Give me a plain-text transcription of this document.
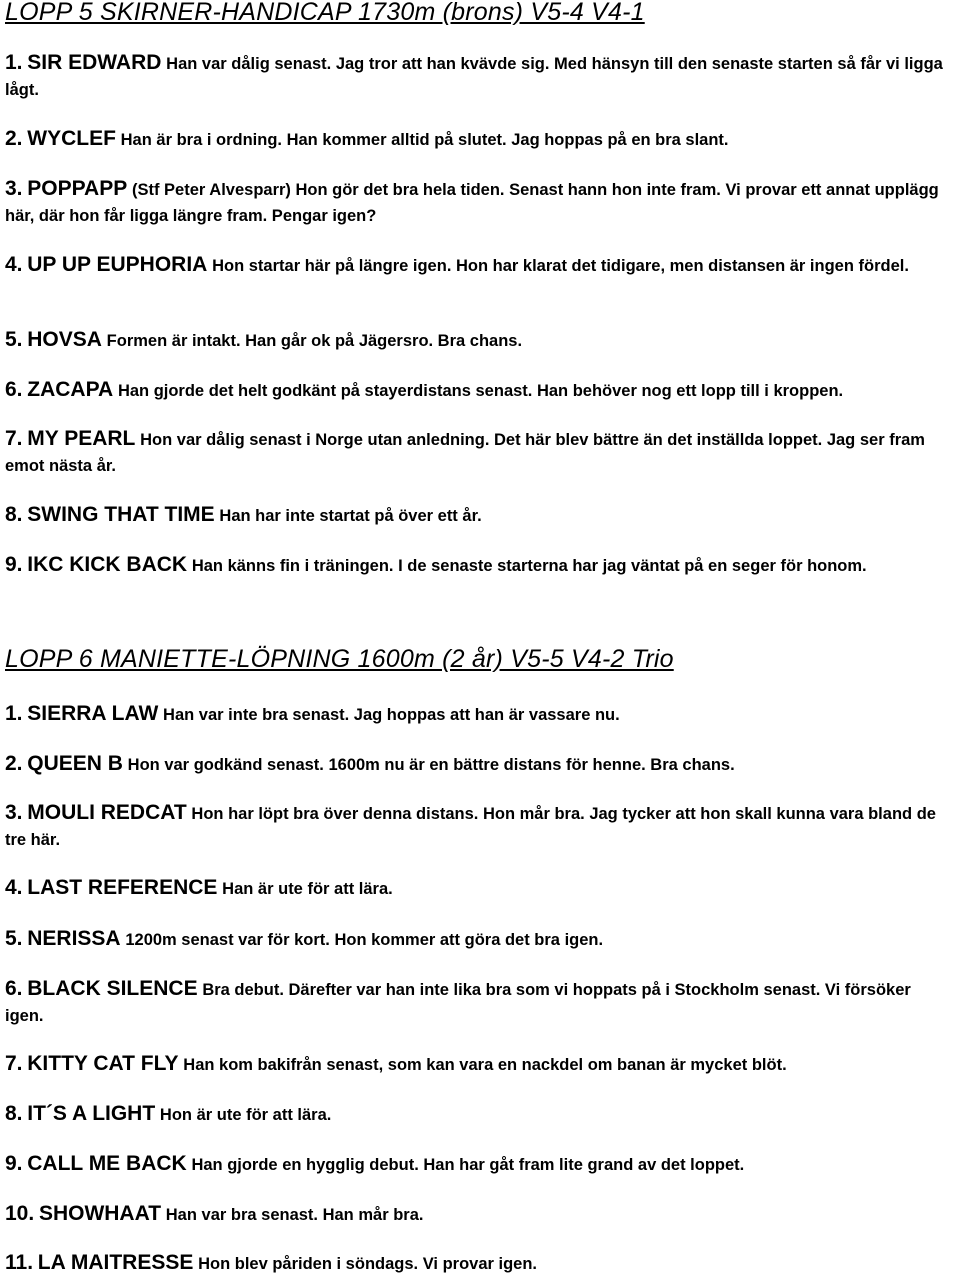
LOPP 5 SKIRNER-HANDICAP 1730m (brons) V5-4 V4-1
1. SIR EDWARD Han var dålig senast. Jag tror att han kvävde sig. Med hänsyn till den senaste starten så får vi ligga lågt.
2. WYCLEF Han är bra i ordning. Han kommer alltid på slutet. Jag hoppas på en bra slant.
3. POPPAPP (Stf Peter Alvesparr) Hon gör det bra hela tiden. Senast hann hon inte fram. Vi provar ett annat upplägg här, där hon får ligga längre fram. Pengar igen?
4. UP UP EUPHORIA Hon startar här på längre igen. Hon har klarat det tidigare, men distansen är ingen fördel.
5. HOVSA Formen är intakt. Han går ok på Jägersro. Bra chans.
6. ZACAPA Han gjorde det helt godkänt på stayerdistans senast. Han behöver nog ett lopp till i kroppen.
7. MY PEARL Hon var dålig senast i Norge utan anledning. Det här blev bättre än det inställda loppet. Jag ser fram emot nästa år.
8. SWING THAT TIME Han har inte startat på över ett år.
9. IKC KICK BACK Han känns fin i träningen. I de senaste starterna har jag väntat på en seger för honom.
LOPP 6 MANIETTE-LÖPNING 1600m (2 år) V5-5 V4-2 Trio
1. SIERRA LAW Han var inte bra senast. Jag hoppas att han är vassare nu.
2. QUEEN B Hon var godkänd senast. 1600m nu är en bättre distans för henne. Bra chans.
3. MOULI REDCAT Hon har löpt bra över denna distans. Hon mår bra. Jag tycker att hon skall kunna vara bland de tre här.
4. LAST REFERENCE Han är ute för att lära.
5. NERISSA 1200m senast var för kort. Hon kommer att göra det bra igen.
6. BLACK SILENCE Bra debut. Därefter var han inte lika bra som vi hoppats på i Stockholm senast. Vi försöker igen.
7. KITTY CAT FLY Han kom bakifrån senast, som kan vara en nackdel om banan är mycket blöt.
8. IT´S A LIGHT Hon är ute för att lära.
9. CALL ME BACK Han gjorde en hygglig debut. Han har gåt fram lite grand av det loppet.
10. SHOWHAAT Han var bra senast. Han mår bra.
11. LA MAITRESSE Hon blev påriden i söndags. Vi provar igen.
